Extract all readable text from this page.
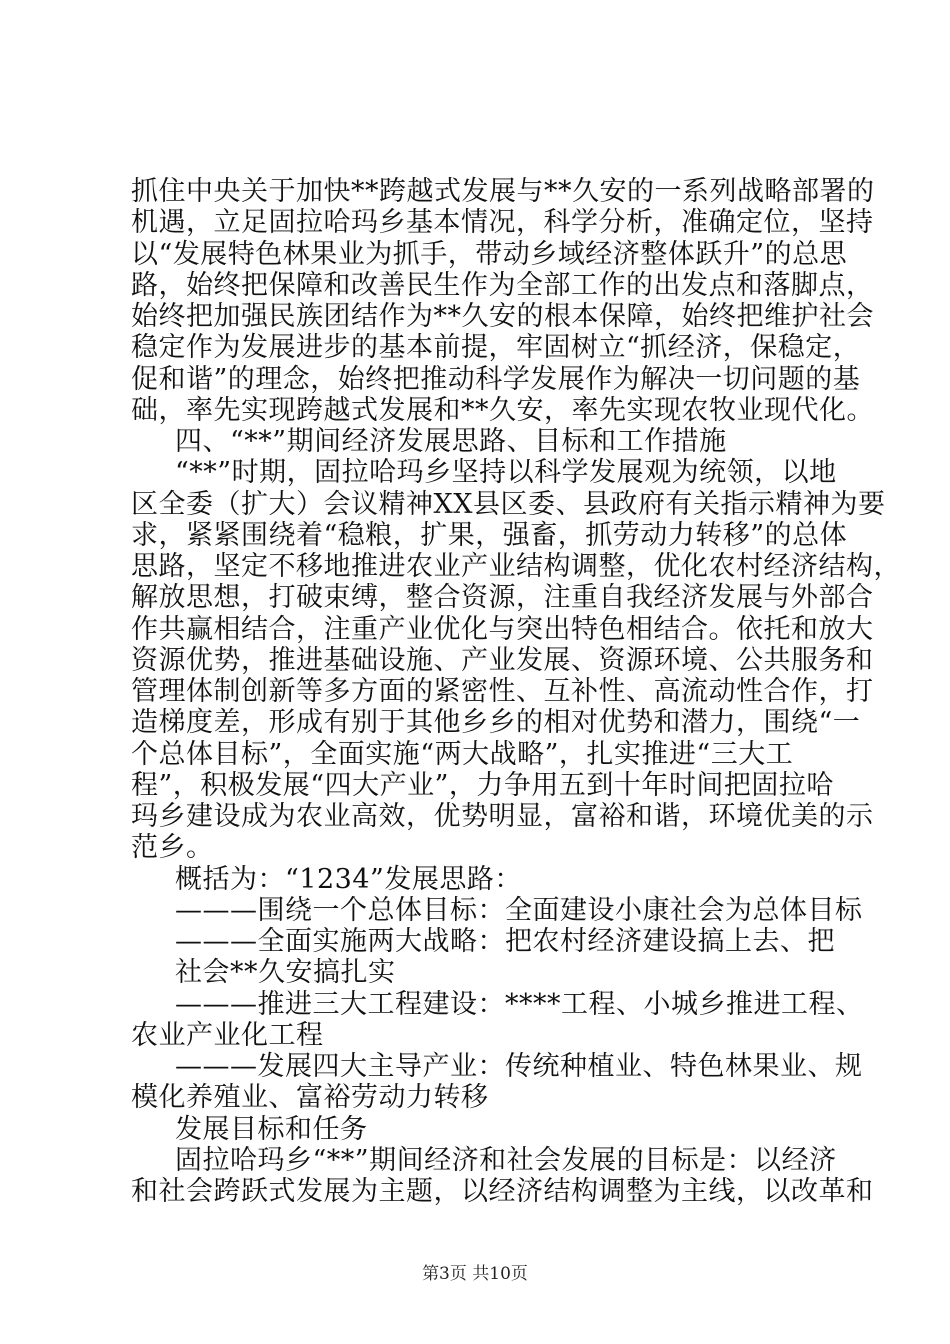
抓住中央关于加快**跨越式发展与**久安的一系列战略部署的
机遇，立足固拉哈玛乡基本情况，科学分析，准确定位，坚持
以“发展特色林果业为抓手，带动乡域经济整体跃升”的总思
路，始终把保障和改善民生作为全部工作的出发点和落脚点，
始终把加强民族团结作为**久安的根本保障，始终把维护社会
稳定作为发展进步的基本前提，牢固树立“抓经济，保稳定，
促和谐”的理念，始终把推动科学发展作为解决一切问题的基
础，率先实现跨越式发展和**久安，率先实现农牧业现代化。
四、“**”期间经济发展思路、目标和工作措施
“**”时期，固拉哈玛乡坚持以科学发展观为统领，以地
区全委（扩大）会议精神XX县区委、县政府有关指示精神为要
求，紧紧围绕着“稳粮，扩果，强畜，抓劳动力转移”的总体
思路，坚定不移地推进农业产业结构调整，优化农村经济结构，
解放思想，打破束缚，整合资源，注重自我经济发展与外部合
作共赢相结合，注重产业优化与突出特色相结合。依托和放大
资源优势，推进基础设施、产业发展、资源环境、公共服务和
管理体制创新等多方面的紧密性、互补性、高流动性合作，打
造梯度差，形成有别于其他乡乡的相对优势和潜力，围绕“一
个总体目标”，全面实施“两大战略”，扎实推进“三大工
程”，积极发展“四大产业”，力争用五到十年时间把固拉哈
玛乡建设成为农业高效，优势明显，富裕和谐，环境优美的示
范乡。
概括为：“1234”发展思路：
———围绕一个总体目标：全面建设小康社会为总体目标
———全面实施两大战略：把农村经济建设搞上去、把
社会**久安搞扎实
———推进三大工程建设：****工程、小城乡推进工程、
农业产业化工程
———发展四大主导产业：传统种植业、特色林果业、规
模化养殖业、富裕劳动力转移
发展目标和任务
固拉哈玛乡“**”期间经济和社会发展的目标是：以经济
和社会跨跃式发展为主题，以经济结构调整为主线，以改革和
第3页 共10页
